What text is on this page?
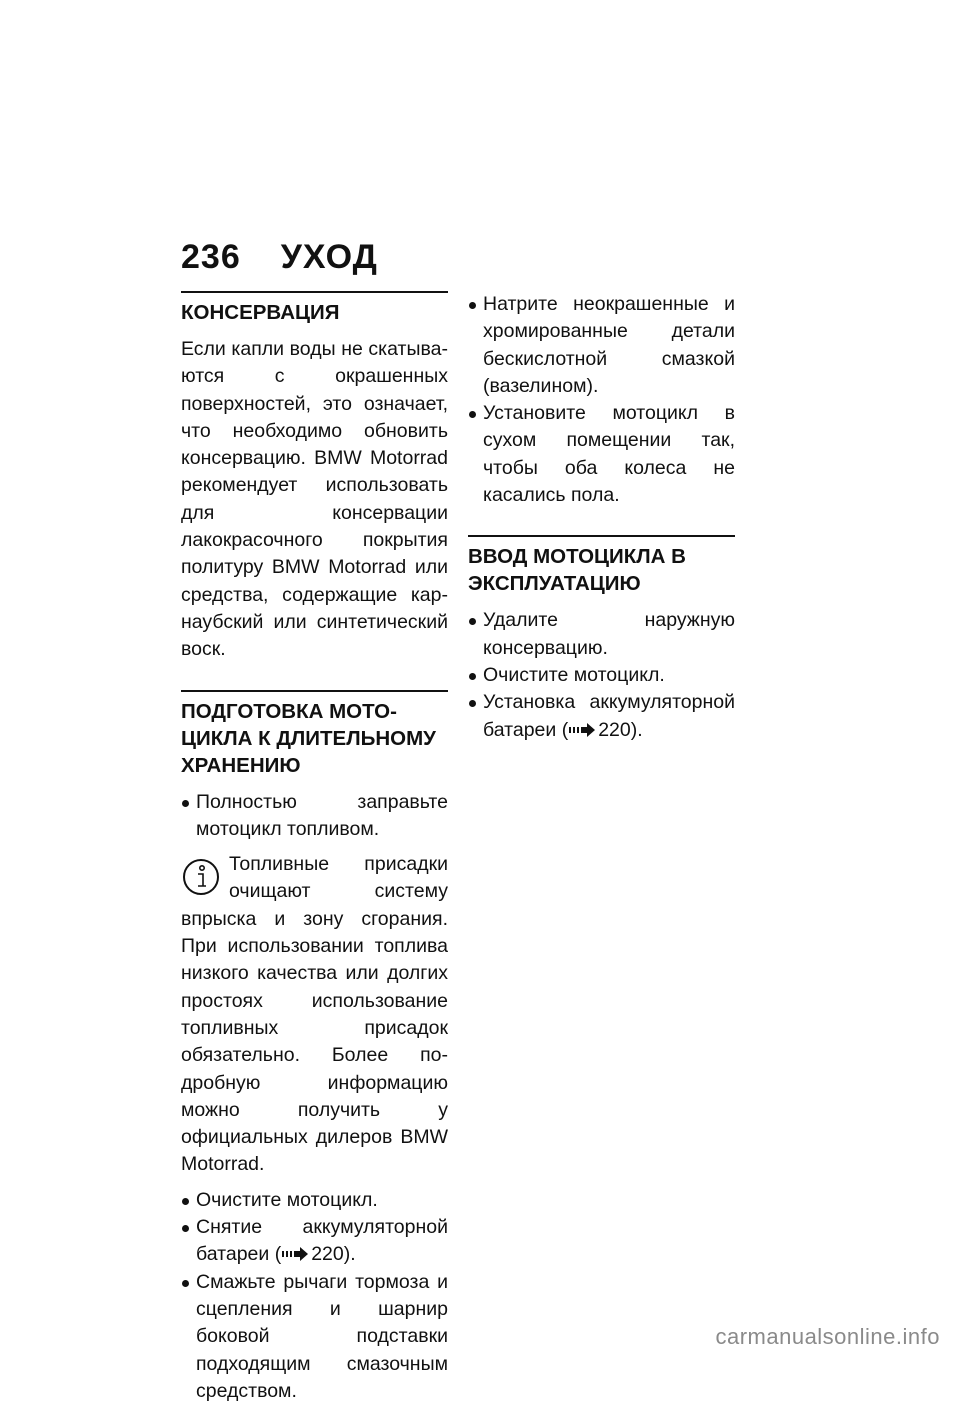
236 УХОД
КОНСЕРВАЦИЯ

Если капли воды не скатываются с окрашенных поверхностей, это означает, что необходимо обновить консервацию. BMW Motorrad рекомендует использовать для консервации лакокрасочного покрытия политуру BMW Motorrad или средства, содержащие карнаубский или синтетический воск.

ПОДГОТОВКА МОТОЦИКЛА К ДЛИТЕЛЬНОМУ ХРАНЕНИЮ
Полностью заправьте мотоцикл топливом.
Топливные присадки очищают систему впрыска и зону сгорания. При использовании топлива низкого качества или долгих простоях использование топливных присадок обязательно. Более подробную информацию можно получить у официальных дилеров BMW Motorrad.
Очистите мотоцикл.
Снятие аккумуляторной батареи ( 220).
Смажьте рычаги тормоза и сцепления и шарнир боковой подставки подходящим смазочным средством.
Натрите неокрашенные и хромированные детали бескислотной смазкой (вазелином).
Установите мотоцикл в сухом помещении так, чтобы оба колеса не касались пола.
ВВОД МОТОЦИКЛА В ЭКСПЛУАТАЦИЮ
Удалите наружную консервацию.
Очистите мотоцикл.
Установка аккумуляторной батареи ( 220).
carmanualsonline.info
